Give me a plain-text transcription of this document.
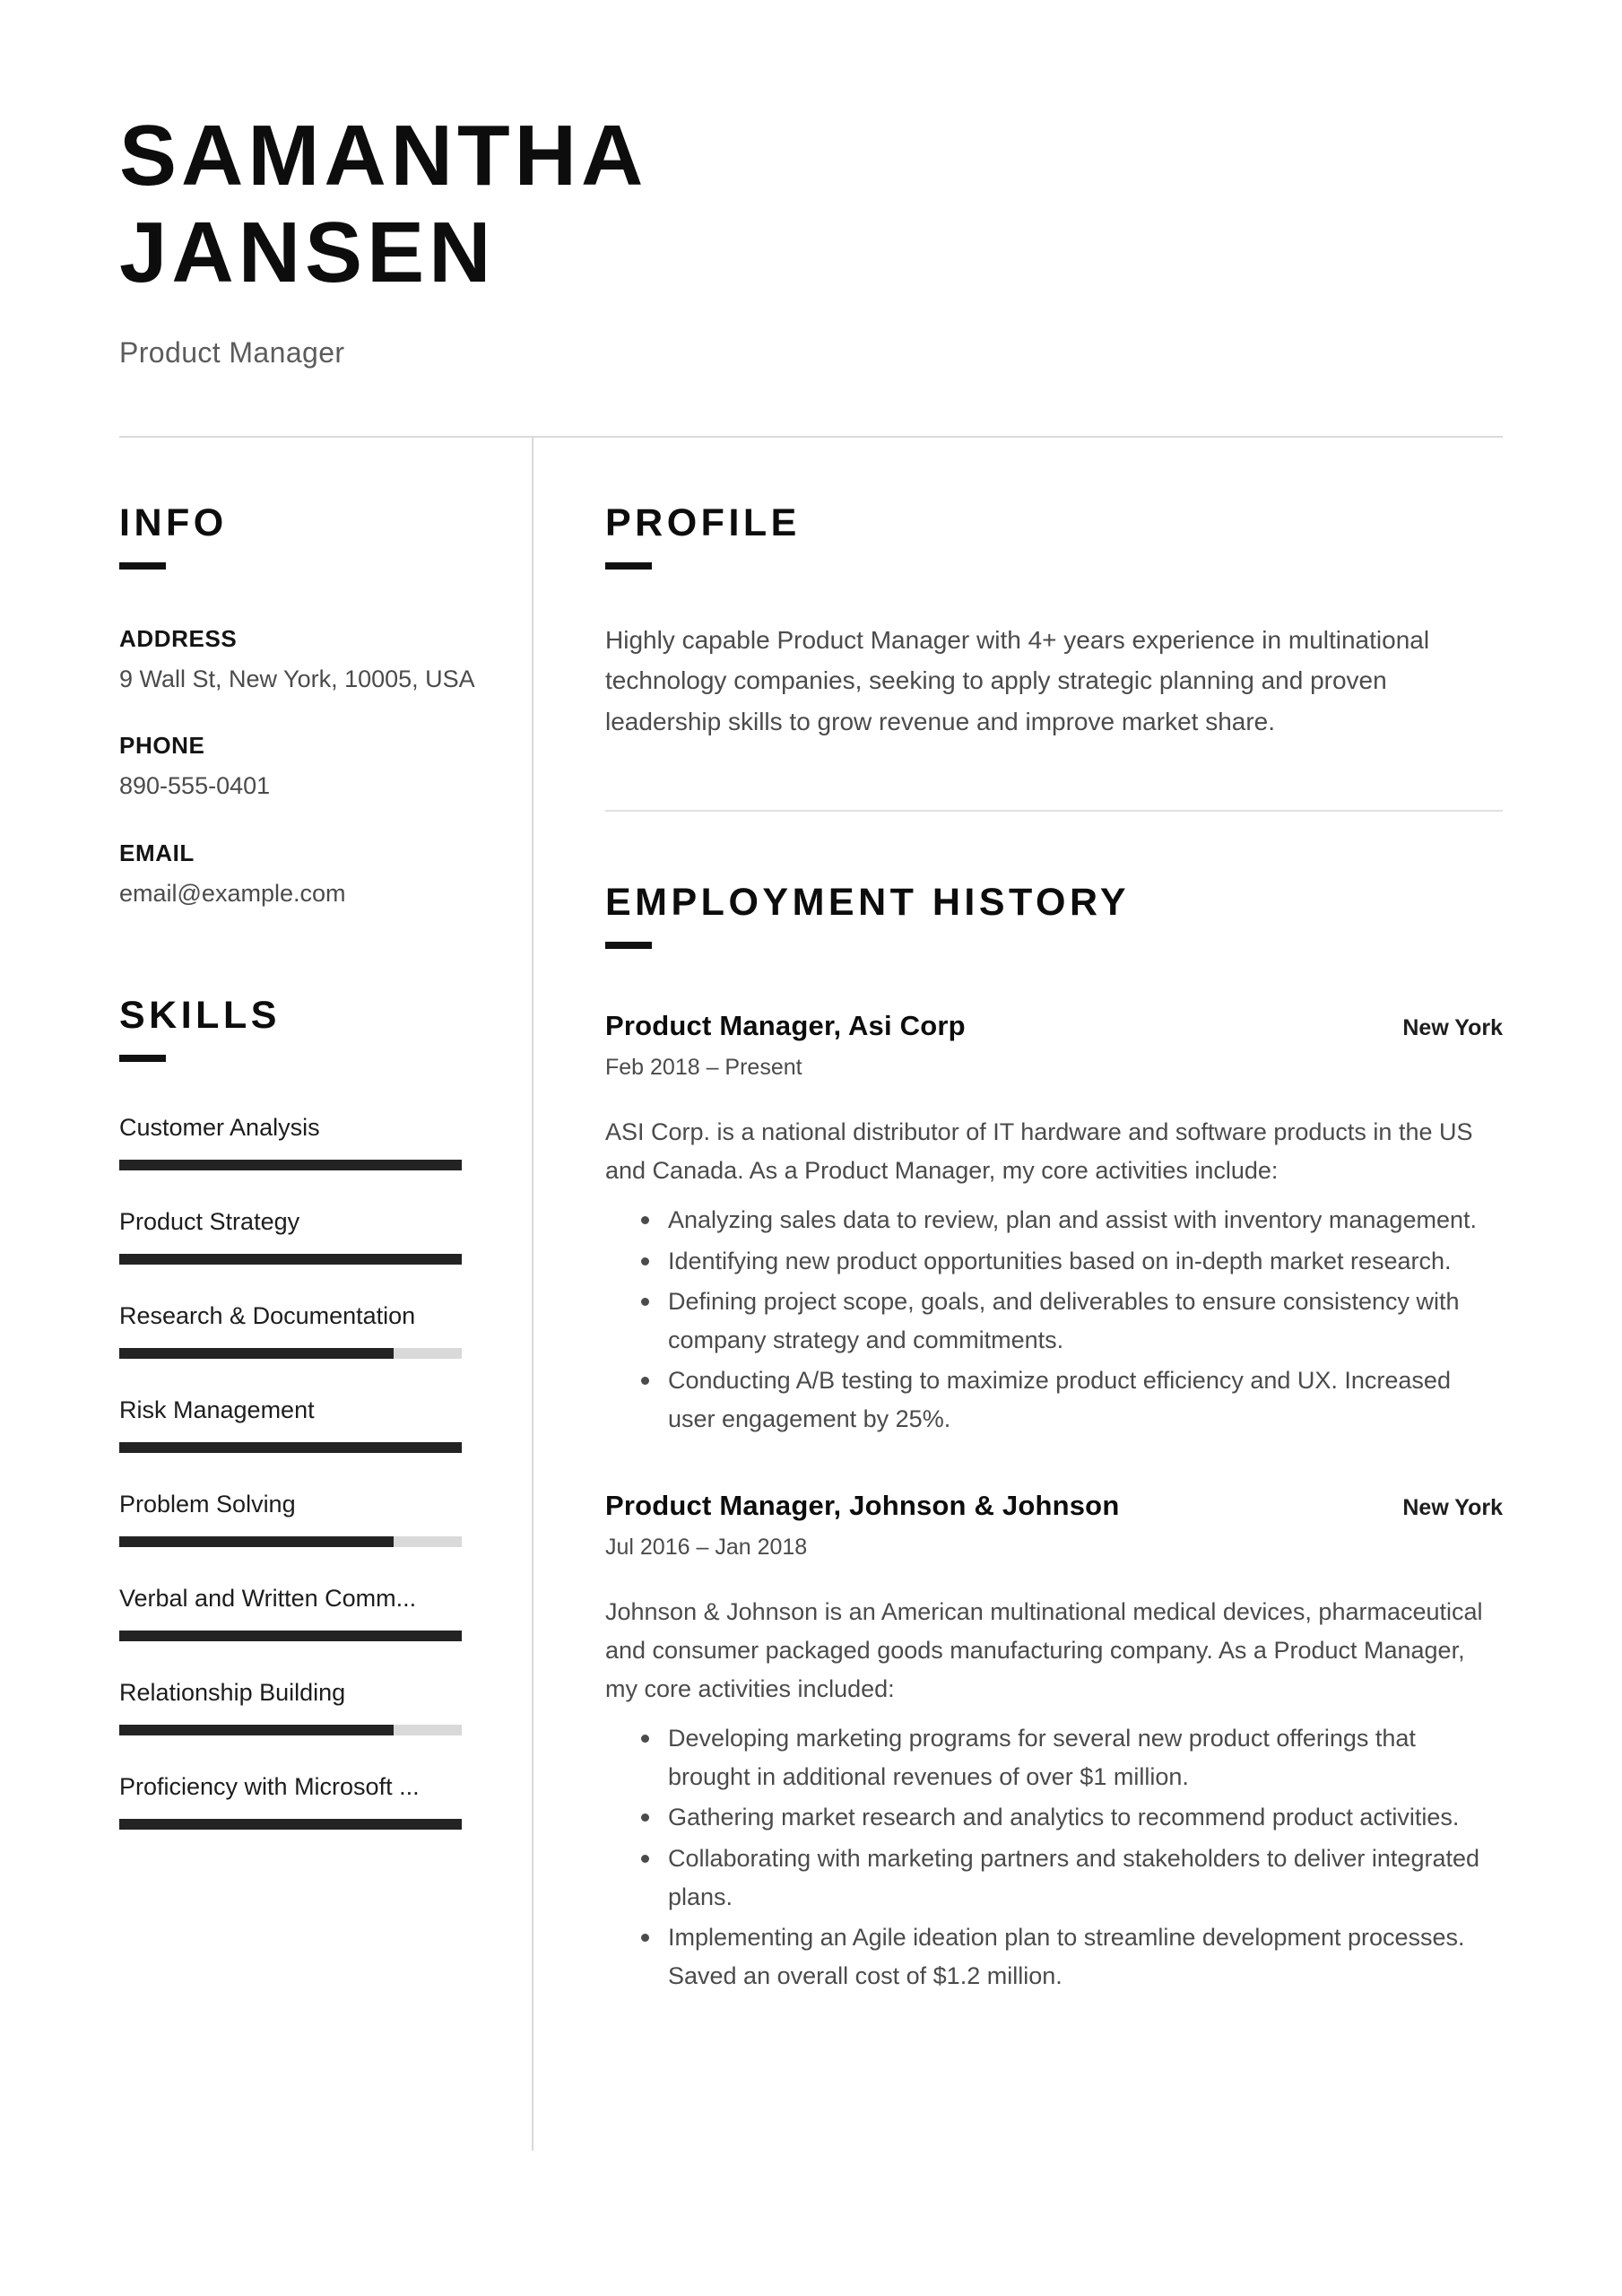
SAMANTHA JANSEN
Product Manager
INFO
ADDRESS
9 Wall St, New York, 10005, USA
PHONE
890-555-0401
EMAIL
email@example.com
SKILLS
Customer Analysis
Product Strategy
Research & Documentation
Risk Management
Problem Solving
Verbal and Written Comm...
Relationship Building
Proficiency with Microsoft ...
PROFILE
Highly capable Product Manager with 4+ years experience in multinational technology companies, seeking to apply strategic planning and proven leadership skills to grow revenue and improve market share.
EMPLOYMENT HISTORY
Product Manager, Asi Corp	New York
Feb 2018 – Present
ASI Corp. is a national distributor of IT hardware and software products in the US and Canada. As a Product Manager, my core activities include:
Analyzing sales data to review, plan and assist with inventory management.
Identifying new product opportunities based on in-depth market research.
Defining project scope, goals, and deliverables to ensure consistency with company strategy and commitments.
Conducting A/B testing to maximize product efficiency and UX. Increased user engagement by 25%.
Product Manager, Johnson & Johnson	New York
Jul 2016 – Jan 2018
Johnson & Johnson is an American multinational medical devices, pharmaceutical and consumer packaged goods manufacturing company. As a Product Manager, my core activities included:
Developing marketing programs for several new product offerings that brought in additional revenues of over $1 million.
Gathering market research and analytics to recommend product activities.
Collaborating with marketing partners and stakeholders to deliver integrated plans.
Implementing an Agile ideation plan to streamline development processes. Saved an overall cost of $1.2 million.
